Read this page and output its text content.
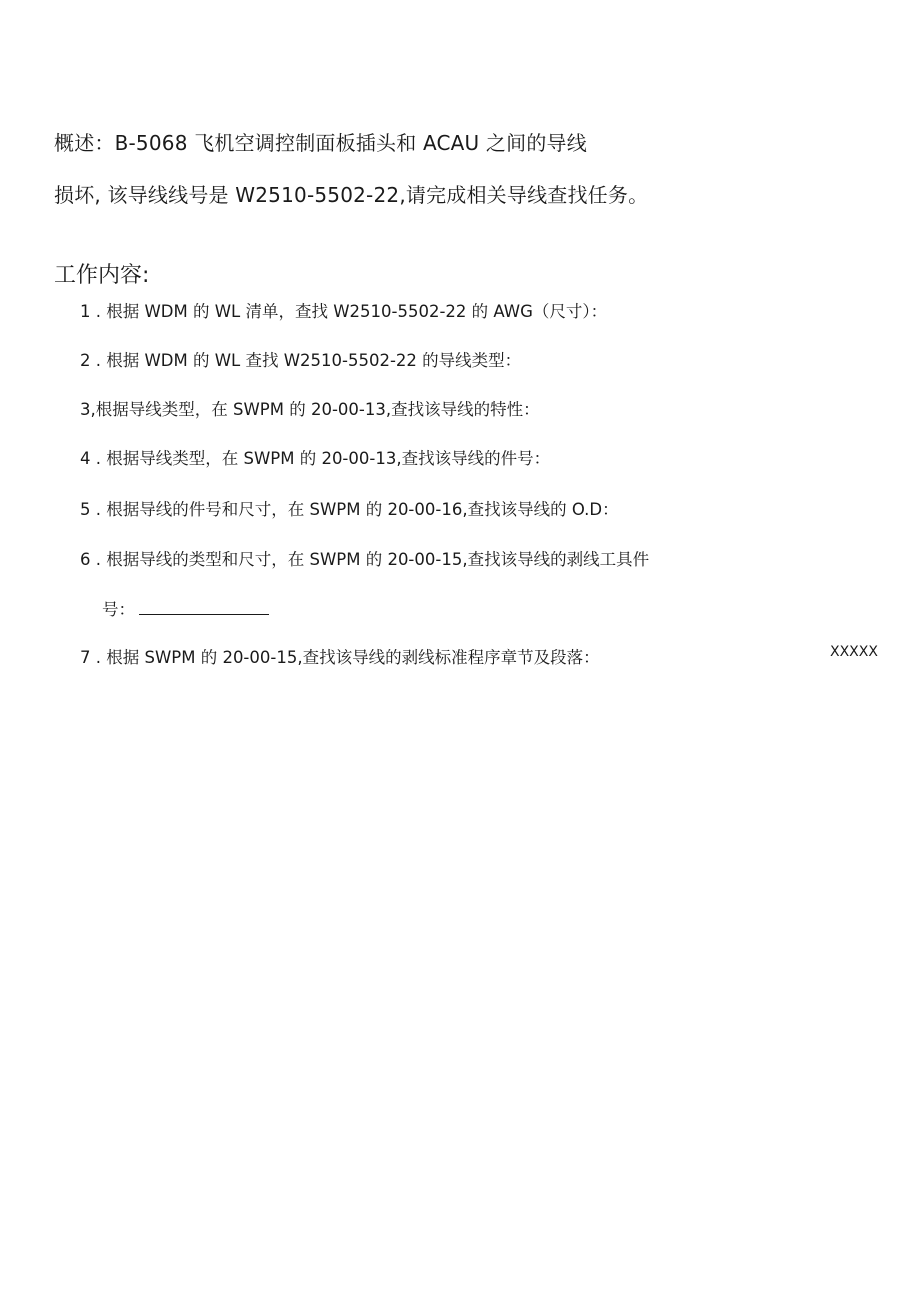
概述：B-5068 飞机空调控制面板插头和 ACAU 之间的导线
损坏, 该导线线号是 W2510-5502-22,请完成相关导线查找任务。
工作内容:
1 . 根据 WDM 的 WL 清单，查找 W2510-5502-22 的 AWG（尺寸）：
2 . 根据 WDM 的 WL 查找 W2510-5502-22 的导线类型：
3,根据导线类型，在 SWPM 的 20-00-13,查找该导线的特性：
4 . 根据导线类型，在 SWPM 的 20-00-13,查找该导线的件号：
5 . 根据导线的件号和尺寸，在 SWPM 的 20-00-16,查找该导线的 O.D：
6 . 根据导线的类型和尺寸，在 SWPM 的 20-00-15,查找该导线的剥线工具件
号：
7 . 根据 SWPM 的 20-00-15,查找该导线的剥线标准程序章节及段落：	XXXXX
